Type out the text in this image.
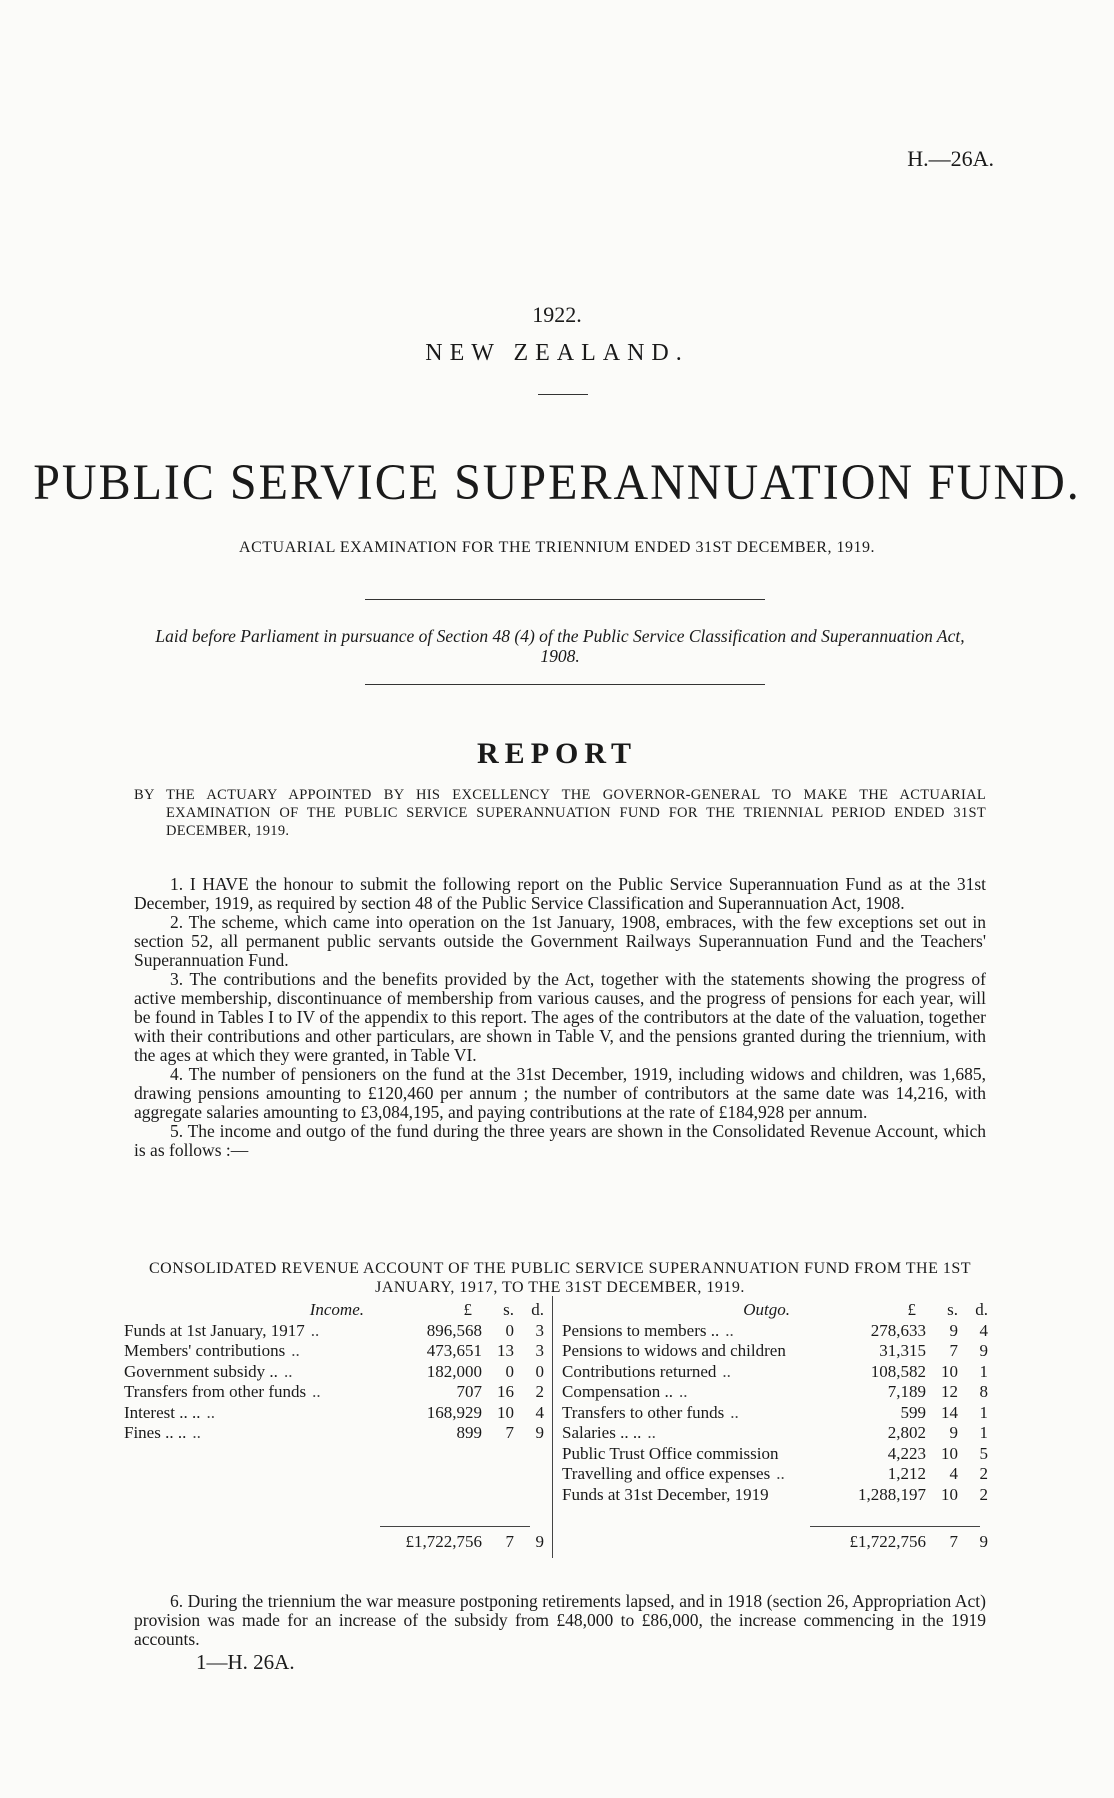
H.—26A.
1922.
NEW ZEALAND.
PUBLIC SERVICE SUPERANNUATION FUND.
ACTUARIAL EXAMINATION FOR THE TRIENNIUM ENDED 31ST DECEMBER, 1919.
Laid before Parliament in pursuance of Section 48 (4) of the Public Service Classification and Superannuation Act, 1908.
REPORT
BY THE ACTUARY APPOINTED BY HIS EXCELLENCY THE GOVERNOR-GENERAL TO MAKE THE ACTUARIAL EXAMINATION OF THE PUBLIC SERVICE SUPERANNUATION FUND FOR THE TRIENNIAL PERIOD ENDED 31ST DECEMBER, 1919.

1. I HAVE the honour to submit the following report on the Public Service Superannuation Fund as at the 31st December, 1919, as required by section 48 of the Public Service Classification and Superannuation Act, 1908.

2. The scheme, which came into operation on the 1st January, 1908, embraces, with the few exceptions set out in section 52, all permanent public servants outside the Government Railways Superannuation Fund and the Teachers' Superannuation Fund.

3. The contributions and the benefits provided by the Act, together with the statements showing the progress of active membership, discontinuance of membership from various causes, and the progress of pensions for each year, will be found in Tables I to IV of the appendix to this report. The ages of the contributors at the date of the valuation, together with their contributions and other particulars, are shown in Table V, and the pensions granted during the triennium, with the ages at which they were granted, in Table VI.

4. The number of pensioners on the fund at the 31st December, 1919, including widows and children, was 1,685, drawing pensions amounting to £120,460 per annum ; the number of contributors at the same date was 14,216, with aggregate salaries amounting to £3,084,195, and paying contributions at the rate of £184,928 per annum.

5. The income and outgo of the fund during the three years are shown in the Consolidated Revenue Account, which is as follows :—

CONSOLIDATED REVENUE ACCOUNT OF THE PUBLIC SERVICE SUPERANNUATION FUND FROM THE 1ST JANUARY, 1917, TO THE 31ST DECEMBER, 1919.
Income.	£	s.	d.
Funds at 1st January, 1917 ..	896,568	0	3
Members' contributions ..	473,651	13	3
Government subsidy .. ..	182,000	0	0
Transfers from other funds ..	707	16	2
Interest .. .. ..	168,929	10	4
Fines .. .. ..	899	7	9
	£1,722,756	7	9
Outgo.	£	s.	d.
Pensions to members .. ..	278,633	9	4
Pensions to widows and children	31,315	7	9
Contributions returned ..	108,582	10	1
Compensation .. ..	7,189	12	8
Transfers to other funds ..	599	14	1
Salaries .. .. ..	2,802	9	1
Public Trust Office commission	4,223	10	5
Travelling and office expenses ..	1,212	4	2
Funds at 31st December, 1919	1,288,197	10	2
	£1,722,756	7	9

6. During the triennium the war measure postponing retirements lapsed, and in 1918 (section 26, Appropriation Act) provision was made for an increase of the subsidy from £48,000 to £86,000, the increase commencing in the 1919 accounts.

1—H. 26A.
